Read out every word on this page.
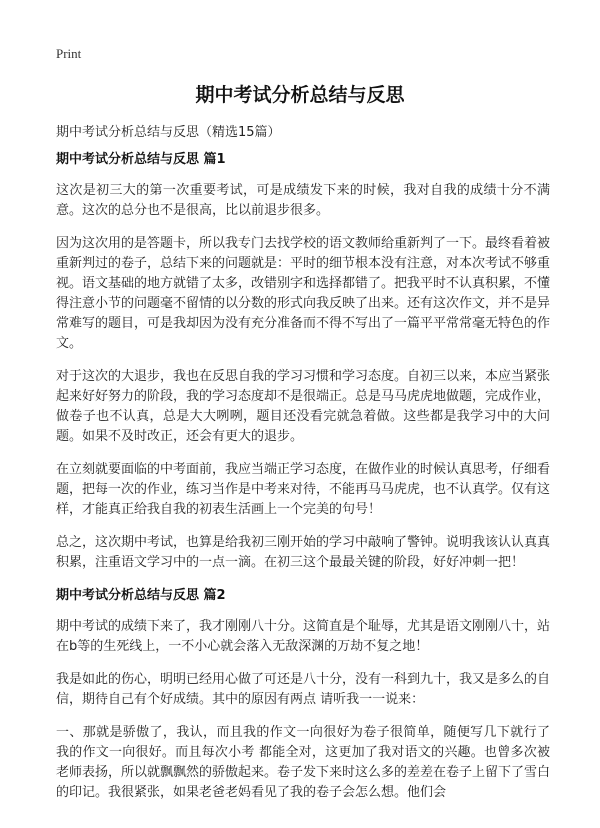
Print
期中考试分析总结与反思

期中考试分析总结与反思（精选15篇）

期中考试分析总结与反思 篇1

这次是初三大的第一次重要考试，可是成绩发下来的时候，我对自我的成绩十分不满意。这次的总分也不是很高，比以前退步很多。

因为这次用的是答题卡，所以我专门去找学校的语文教师给重新判了一下。最终看着被重新判过的卷子，总结下来的问题就是：平时的细节根本没有注意，对本次考试不够重视。语文基础的地方就错了太多，改错别字和选择都错了。把我平时不认真积累，不懂得注意小节的问题毫不留情的以分数的形式向我反映了出来。还有这次作文，并不是异常难写的题目，可是我却因为没有充分准备而不得不写出了一篇平平常常毫无特色的作文。

对于这次的大退步，我也在反思自我的学习习惯和学习态度。自初三以来，本应当紧张起来好好努力的阶段，我的学习态度却不是很端正。总是马马虎虎地做题，完成作业，做卷子也不认真，总是大大咧咧，题目还没看完就急着做。这些都是我学习中的大问题。如果不及时改正，还会有更大的退步。

在立刻就要面临的中考面前，我应当端正学习态度，在做作业的时候认真思考，仔细看题，把每一次的作业，练习当作是中考来对待，不能再马马虎虎，也不认真学。仅有这样，才能真正给我自我的初表生活画上一个完美的句号！

总之，这次期中考试，也算是给我初三刚开始的学习中敲响了警钟。说明我该认认真真积累，注重语文学习中的一点一滴。在初三这个最最关键的阶段，好好冲刺一把！

期中考试分析总结与反思 篇2

期中考试的成绩下来了，我才刚刚八十分。这简直是个耻辱，尤其是语文刚刚八十，站在b等的生死线上，一不小心就会落入无敌深渊的万劫不复之地！

我是如此的伤心，明明已经用心做了可还是八十分，没有一科到九十，我又是多么的自信，期待自己有个好成绩。其中的原因有两点 请听我一一说来：

一、那就是骄傲了，我认，而且我的作文一向很好为卷子很简单，随便写几下就行了 我的作文一向很好。而且每次小考 都能全对，这更加了我对语文的兴趣。也曾多次被老师表扬，所以就飘飘然的骄傲起来。卷子发下来时这么多的差差在卷子上留下了雪白的印记。我很紧张，如果老爸老妈看见了我的卷子会怎么想。他们会
